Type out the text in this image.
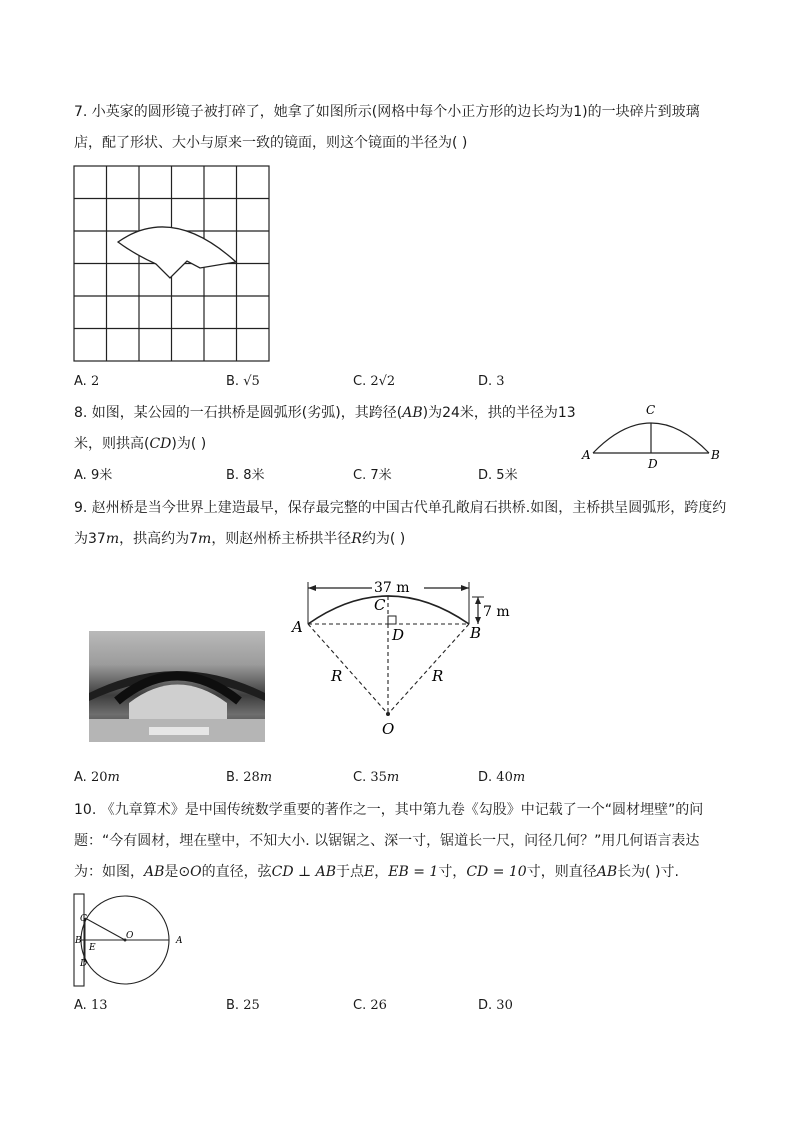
7. 小英家的圆形镜子被打碎了，她拿了如图所示(网格中每个小正方形的边长均为1)的一块碎片到玻璃
店，配了形状、大小与原来一致的镜面，则这个镜面的半径为( )
A. 2	B. √5	C. 2√2	D. 3
8. 如图，某公园的一石拱桥是圆弧形(劣弧)，其跨径(AB)为24米，拱的半径为13
米，则拱高(CD)为( )
A	B
C
D
A. 9米	B. 8米	C. 7米	D. 5米
9. 赵州桥是当今世界上建造最早，保存最完整的中国古代单孔敞肩石拱桥.如图，主桥拱呈圆弧形，跨度约
为37m，拱高约为7m，则赵州桥主桥拱半径R约为( )
37 m
7 m
A	B
C
D
O
R	R
A. 20m	B. 28m	C. 35m	D. 40m
10. 《九章算术》是中国传统数学重要的著作之一，其中第九卷《勾股》中记载了一个“圆材埋壁”的问
题：“今有圆材，埋在壁中，不知大小. 以锯锯之、深一寸，锯道长一尺，问径几何？”用几何语言表达
为：如图，AB是⊙O的直径，弦CD ⊥ AB于点E，EB = 1寸，CD = 10寸，则直径AB长为( )寸.
C
B
E
D
O	A
A. 13	B. 25	C. 26	D. 30
